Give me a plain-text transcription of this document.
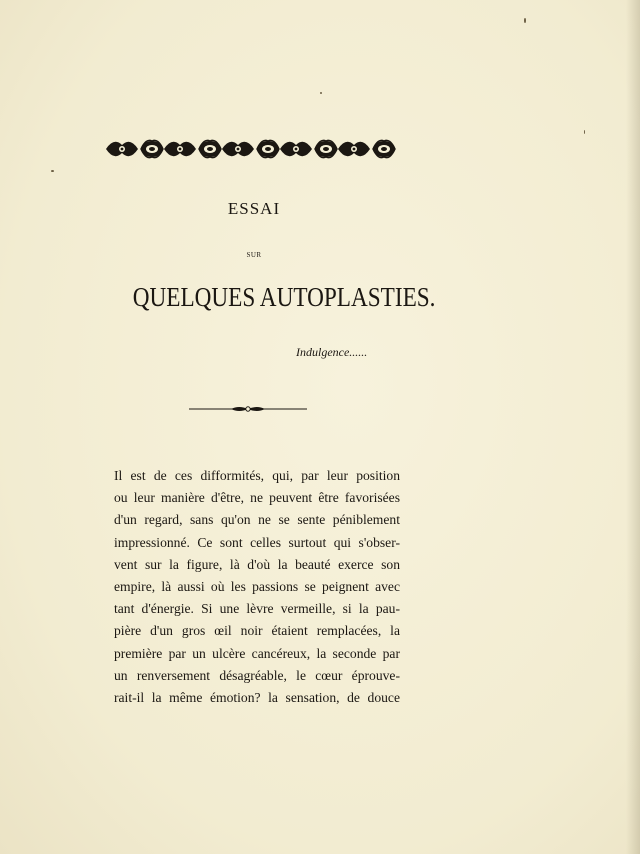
ESSAI
SUR
QUELQUES AUTOPLASTIES.
Indulgence......
Il est de ces difformités, qui, par leur position
ou leur manière d'être, ne peuvent être favorisées
d'un regard, sans qu'on ne se sente péniblement
impressionné. Ce sont celles surtout qui s'obser-
vent sur la figure, là d'où la beauté exerce son
empire, là aussi où les passions se peignent avec
tant d'énergie. Si une lèvre vermeille, si la pau-
pière d'un gros œil noir étaient remplacées, la
première par un ulcère cancéreux, la seconde par
un renversement désagréable, le cœur éprouve-
rait-il la même émotion? la sensation, de douce
